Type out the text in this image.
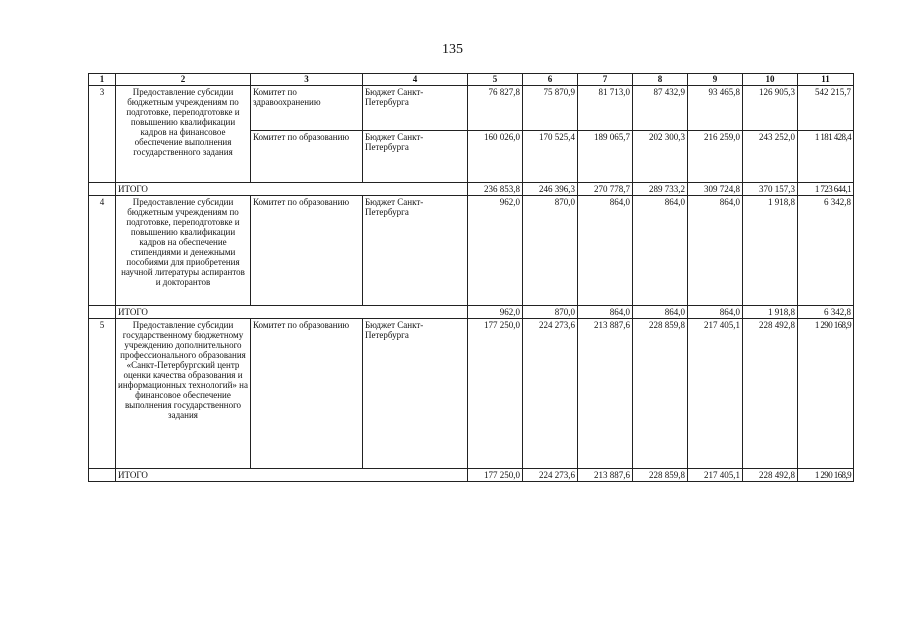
135
1	2	3	4	5	6	7	8	9	10	11
3	Предоставление субсидии бюджетным учреждениям по подготовке, переподготовке и повышению квалификации кадров на финансовое обеспечение выполнения государственного задания	Комитет по здравоохранению	Бюджет Санкт-Петербурга	76 827,8	75 870,9	81 713,0	87 432,9	93 465,8	126 905,3	542 215,7
		Комитет по образованию	Бюджет Санкт-Петербурга	160 026,0	170 525,4	189 065,7	202 300,3	216 259,0	243 252,0	1 181 428,4
	ИТОГО			236 853,8	246 396,3	270 778,7	289 733,2	309 724,8	370 157,3	1 723 644,1
4	Предоставление субсидии бюджетным учреждениям по подготовке, переподготовке и повышению квалификации кадров на обеспечение стипендиями и денежными пособиями для приобретения научной литературы аспирантов и докторантов	Комитет по образованию	Бюджет Санкт-Петербурга	962,0	870,0	864,0	864,0	864,0	1 918,8	6 342,8
	ИТОГО			962,0	870,0	864,0	864,0	864,0	1 918,8	6 342,8
5	Предоставление субсидии государственному бюджетному учреждению дополнительного профессионального образования «Санкт-Петербургский центр оценки качества образования и информационных технологий» на финансовое обеспечение выполнения государственного задания	Комитет по образованию	Бюджет Санкт-Петербурга	177 250,0	224 273,6	213 887,6	228 859,8	217 405,1	228 492,8	1 290 168,9
	ИТОГО			177 250,0	224 273,6	213 887,6	228 859,8	217 405,1	228 492,8	1 290 168,9
